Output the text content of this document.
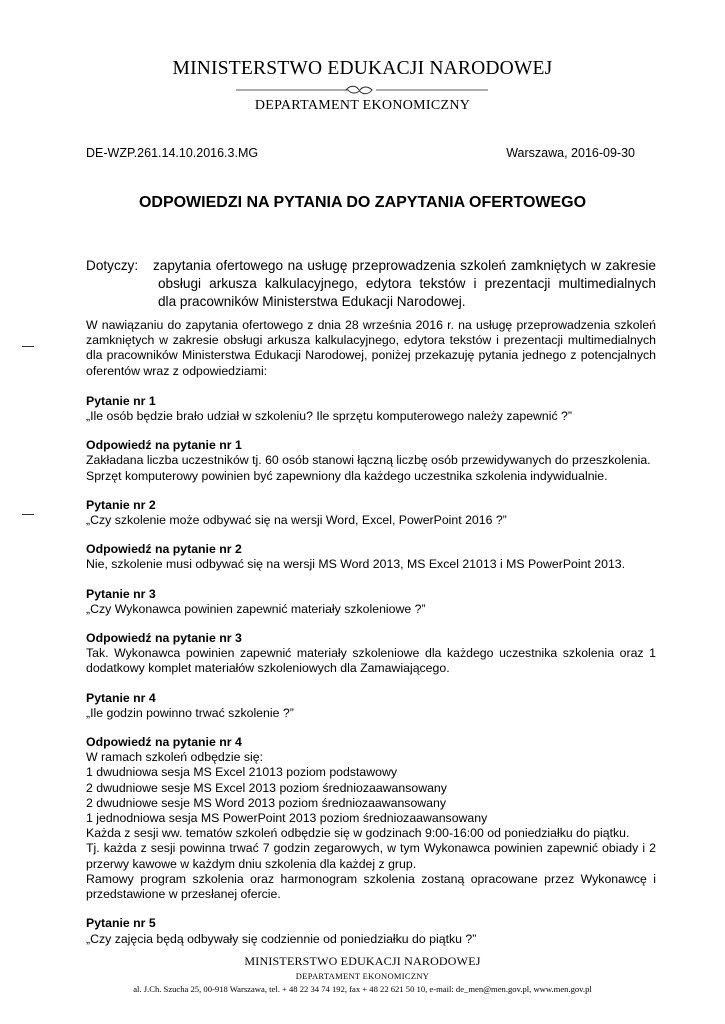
MINISTERSTWO EDUKACJI NARODOWEJ
DEPARTAMENT EKONOMICZNY
DE-WZP.261.14.10.2016.3.MG	Warszawa, 2016-09-30
ODPOWIEDZI NA PYTANIA DO ZAPYTANIA OFERTOWEGO
Dotyczy:	zapytania ofertowego na usługę przeprowadzenia szkoleń zamkniętych w zakresie
obsługi arkusza kalkulacyjnego, edytora tekstów i prezentacji multimedialnych
dla pracowników Ministerstwa Edukacji Narodowej.

W nawiązaniu do zapytania ofertowego z dnia 28 września 2016 r. na usługę przeprowadzenia szkoleń zamkniętych w zakresie obsługi arkusza kalkulacyjnego, edytora tekstów i prezentacji multimedialnych dla pracowników Ministerstwa Edukacji Narodowej, poniżej przekazuję pytania jednego z potencjalnych oferentów wraz z odpowiedziami:

Pytanie nr 1

„Ile osób będzie brało udział w szkoleniu? Ile sprzętu komputerowego należy zapewnić ?”

Odpowiedź na pytanie nr 1

Zakładana liczba uczestników tj. 60 osób stanowi łączną liczbę osób przewidywanych do przeszkolenia.

Sprzęt komputerowy powinien być zapewniony dla każdego uczestnika szkolenia indywidualnie.

Pytanie nr 2

„Czy szkolenie może odbywać się na wersji Word, Excel, PowerPoint 2016 ?”

Odpowiedź na pytanie nr 2

Nie, szkolenie musi odbywać się na wersji MS Word 2013, MS Excel 21013 i MS PowerPoint 2013.

Pytanie nr 3

„Czy Wykonawca powinien zapewnić materiały szkoleniowe ?”

Odpowiedź na pytanie nr 3

Tak. Wykonawca powinien zapewnić materiały szkoleniowe dla każdego uczestnika szkolenia oraz 1 dodatkowy komplet materiałów szkoleniowych dla Zamawiającego.

Pytanie nr 4

„Ile godzin powinno trwać szkolenie ?”

Odpowiedź na pytanie nr 4

W ramach szkoleń odbędzie się:

1 dwudniowa sesja MS Excel 21013 poziom podstawowy

2 dwudniowe sesje MS Excel 2013 poziom średniozaawansowany

2 dwudniowe sesje MS Word 2013 poziom średniozaawansowany

1 jednodniowa sesja MS PowerPoint 2013 poziom średniozaawansowany

Każda z sesji ww. tematów szkoleń odbędzie się w godzinach 9:00-16:00 od poniedziałku do piątku.

Tj. każda z sesji powinna trwać 7 godzin zegarowych, w tym Wykonawca powinien zapewnić obiady i 2 przerwy kawowe w każdym dniu szkolenia dla każdej z grup.

Ramowy program szkolenia oraz harmonogram szkolenia zostaną opracowane przez Wykonawcę i przedstawione w przesłanej ofercie.

Pytanie nr 5

„Czy zajęcia będą odbywały się codziennie od poniedziałku do piątku ?”

MINISTERSTWO EDUKACJI NARODOWEJ
DEPARTAMENT EKONOMICZNY
al. J.Ch. Szucha 25, 00-918 Warszawa, tel. + 48 22 34 74 192, fax + 48 22 621 50 10, e-mail: de_men@men.gov.pl, www.men.gov.pl
